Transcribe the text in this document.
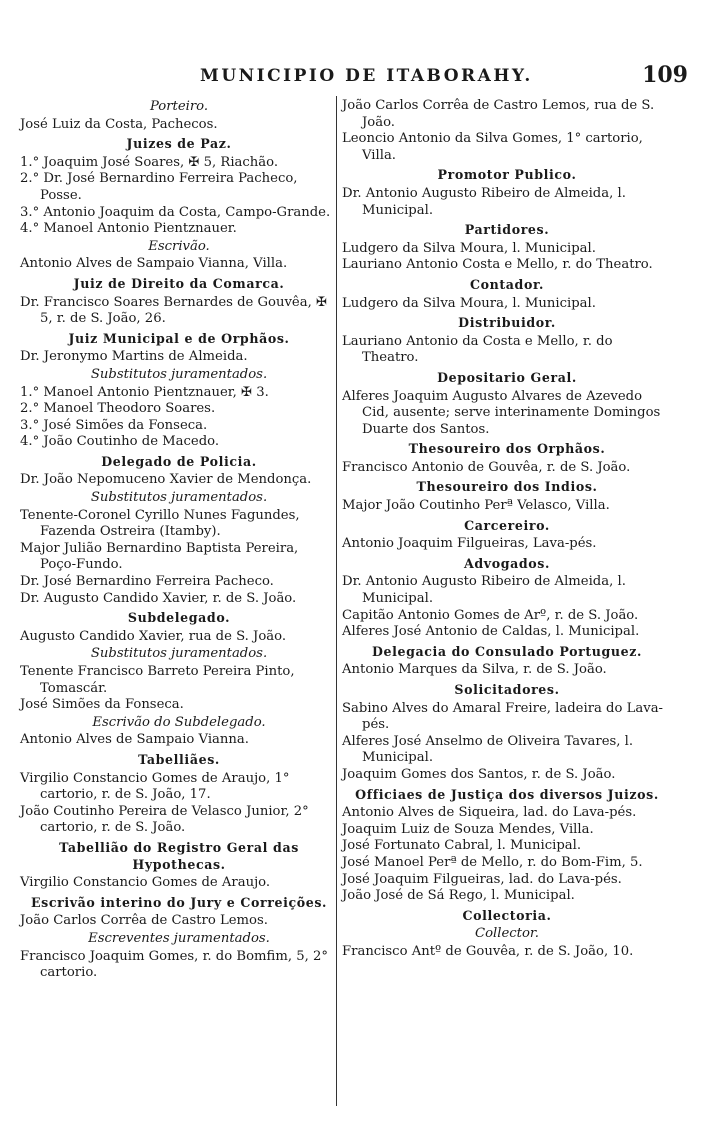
MUNICIPIO DE ITABORAHY.	109
Porteiro.
José Luiz da Costa, Pachecos.
Juizes de Paz.
1.° Joaquim José Soares, ✠ 5, Riachão.
2.° Dr. José Bernardino Ferreira Pacheco, Posse.
3.° Antonio Joaquim da Costa, Campo-Grande.
4.° Manoel Antonio Pientznauer.
Escrivão.
Antonio Alves de Sampaio Vianna, Villa.
Juiz de Direito da Comarca.
Dr. Francisco Soares Bernardes de Gouvêa, ✠ 5, r. de S. João, 26.
Juiz Municipal e de Orphãos.
Dr. Jeronymo Martins de Almeida.
Substitutos juramentados.
1.° Manoel Antonio Pientznauer, ✠ 3.
2.° Manoel Theodoro Soares.
3.° José Simões da Fonseca.
4.° João Coutinho de Macedo.
Delegado de Policia.
Dr. João Nepomuceno Xavier de Mendonça.
Substitutos juramentados.
Tenente-Coronel Cyrillo Nunes Fagundes, Fazenda Ostreira (Itamby).
Major Julião Bernardino Baptista Pereira, Poço-Fundo.
Dr. José Bernardino Ferreira Pacheco.
Dr. Augusto Candido Xavier, r. de S. João.
Subdelegado.
Augusto Candido Xavier, rua de S. João.
Substitutos juramentados.
Tenente Francisco Barreto Pereira Pinto, Tomascár.
José Simões da Fonseca.
Escrivão do Subdelegado.
Antonio Alves de Sampaio Vianna.
Tabelliães.
Virgilio Constancio Gomes de Araujo, 1° cartorio, r. de S. João, 17.
João Coutinho Pereira de Velasco Junior, 2° cartorio, r. de S. João.
Tabellião do Registro Geral das Hypothecas.
Virgilio Constancio Gomes de Araujo.
Escrivão interino do Jury e Correições.
João Carlos Corrêa de Castro Lemos.
Escreventes juramentados.
Francisco Joaquim Gomes, r. do Bomfim, 5, 2° cartorio.
João Carlos Corrêa de Castro Lemos, rua de S. João.
Leoncio Antonio da Silva Gomes, 1° cartorio, Villa.
Promotor Publico.
Dr. Antonio Augusto Ribeiro de Almeida, l. Municipal.
Partidores.
Ludgero da Silva Moura, l. Municipal.
Lauriano Antonio Costa e Mello, r. do Theatro.
Contador.
Ludgero da Silva Moura, l. Municipal.
Distribuidor.
Lauriano Antonio da Costa e Mello, r. do Theatro.
Depositario Geral.
Alferes Joaquim Augusto Alvares de Azevedo Cid, ausente; serve interinamente Domingos Duarte dos Santos.
Thesoureiro dos Orphãos.
Francisco Antonio de Gouvêa, r. de S. João.
Thesoureiro dos Indios.
Major João Coutinho Perª Velasco, Villa.
Carcereiro.
Antonio Joaquim Filgueiras, Lava-pés.
Advogados.
Dr. Antonio Augusto Ribeiro de Almeida, l. Municipal.
Capitão Antonio Gomes de Arº, r. de S. João.
Alferes José Antonio de Caldas, l. Municipal.
Delegacia do Consulado Portuguez.
Antonio Marques da Silva, r. de S. João.
Solicitadores.
Sabino Alves do Amaral Freire, ladeira do Lava-pés.
Alferes José Anselmo de Oliveira Tavares, l. Municipal.
Joaquim Gomes dos Santos, r. de S. João.
Officiaes de Justiça dos diversos Juizos.
Antonio Alves de Siqueira, lad. do Lava-pés.
Joaquim Luiz de Souza Mendes, Villa.
José Fortunato Cabral, l. Municipal.
José Manoel Perª de Mello, r. do Bom-Fim, 5.
José Joaquim Filgueiras, lad. do Lava-pés.
João José de Sá Rego, l. Municipal.
Collectoria.
Collector.
Francisco Antº de Gouvêa, r. de S. João, 10.
